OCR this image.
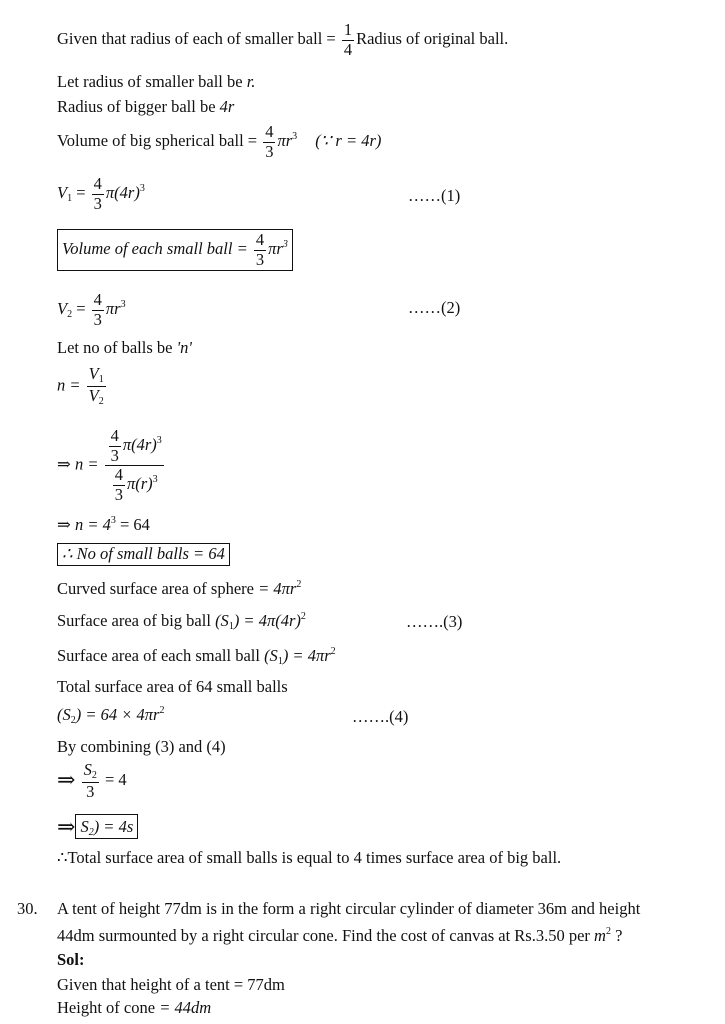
Given that radius of each of smaller ball = $\frac{1}{4}$ Radius of original ball.
Let radius of smaller ball be r.
Radius of bigger ball be 4r
Volume of big spherical ball = $\frac{4}{3} \pi r^3$ (∵ r = 4r)
$V_1 = \frac{4}{3} \pi(4r)^3$	……(1)
Volume of each small ball = $\frac{4}{3} \pi r^3$
$V_2 = \frac{4}{3} \pi r^3$	……(2)
Let no of balls be 'n'
$n = \frac{V_1}{V_2}$
⇒ $n = \frac{\frac{4}{3} \pi(4r)^3}{\frac{4}{3} \pi(r)^3}$
⇒ $n = 4^3 = 64$
∴ No of small balls = 64
Curved surface area of sphere = $4\pi r^2$
Surface area of big ball $(S_1) = 4\pi(4r)^2$	…….(3)
Surface area of each small ball $(S_1) = 4\pi r^2$
Total surface area of 64 small balls
$(S_2) = 64 \times 4\pi r^2$	…….(4)
By combining (3) and (4)
⇒ $\frac{S_2}{3} = 4$
⇒ $S_2) = 4s$
∴Total surface area of small balls is equal to 4 times surface area of big ball.
30. A tent of height 77dm is in the form a right circular cylinder of diameter 36m and height
44dm surmounted by a right circular cone. Find the cost of canvas at Rs.3.50 per $m^2$ ?
Sol:
Given that height of a tent = 77dm
Height of cone = 44dm
